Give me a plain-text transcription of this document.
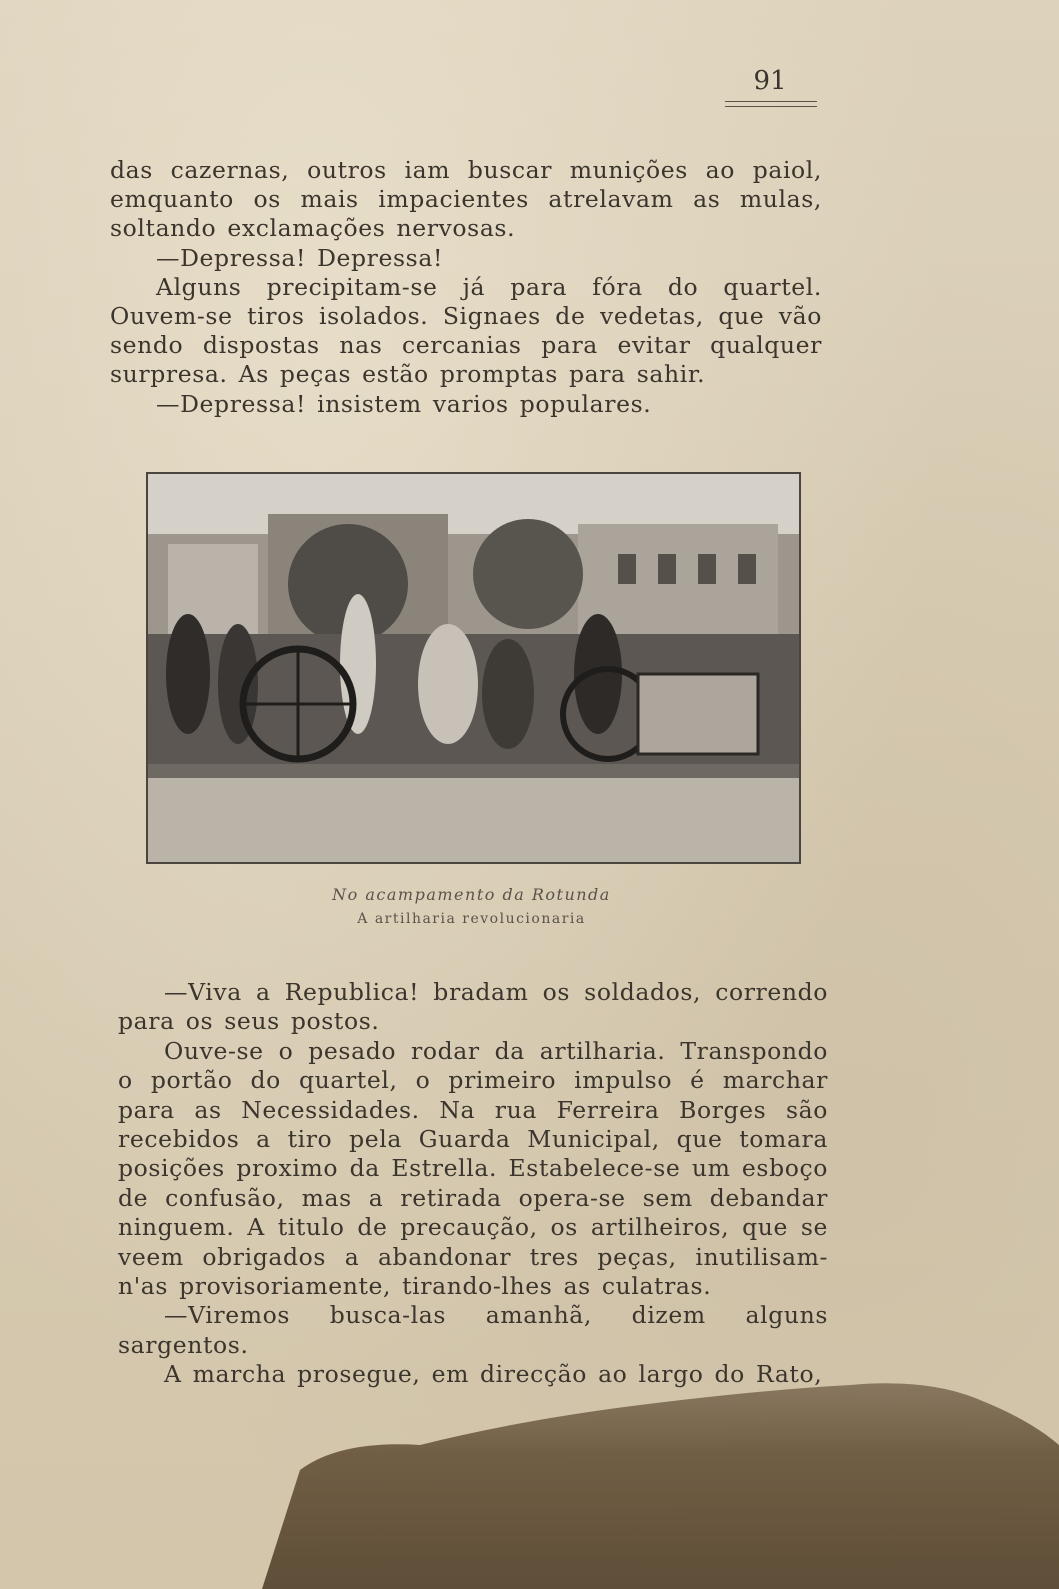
91

das cazernas, outros iam buscar munições ao paiol, emquanto os mais impacientes atrelavam as mulas, soltando exclamações nervosas.

—Depressa! Depressa!

Alguns precipitam-se já para fóra do quartel. Ouvem-se tiros isolados. Signaes de vedetas, que vão sendo dispostas nas cercanias para evitar qualquer surpresa. As peças estão promptas para sahir.

—Depressa! insistem varios populares.

No acampamento da Rotunda
A artilharia revolucionaria

—Viva a Republica! bradam os soldados, correndo para os seus postos.

Ouve-se o pesado rodar da artilharia. Transpondo o portão do quartel, o primeiro impulso é marchar para as Necessidades. Na rua Ferreira Borges são recebidos a tiro pela Guarda Municipal, que tomara posições proximo da Estrella. Estabelece-se um esboço de confusão, mas a retirada opera-se sem debandar ninguem. A titulo de precaução, os artilheiros, que se veem obrigados a abandonar tres peças, inutilisam-n'as provisoriamente, tirando-lhes as culatras.

—Viremos busca-las amanhã, dizem alguns sargentos.

A marcha prosegue, em direcção ao largo do Rato,
